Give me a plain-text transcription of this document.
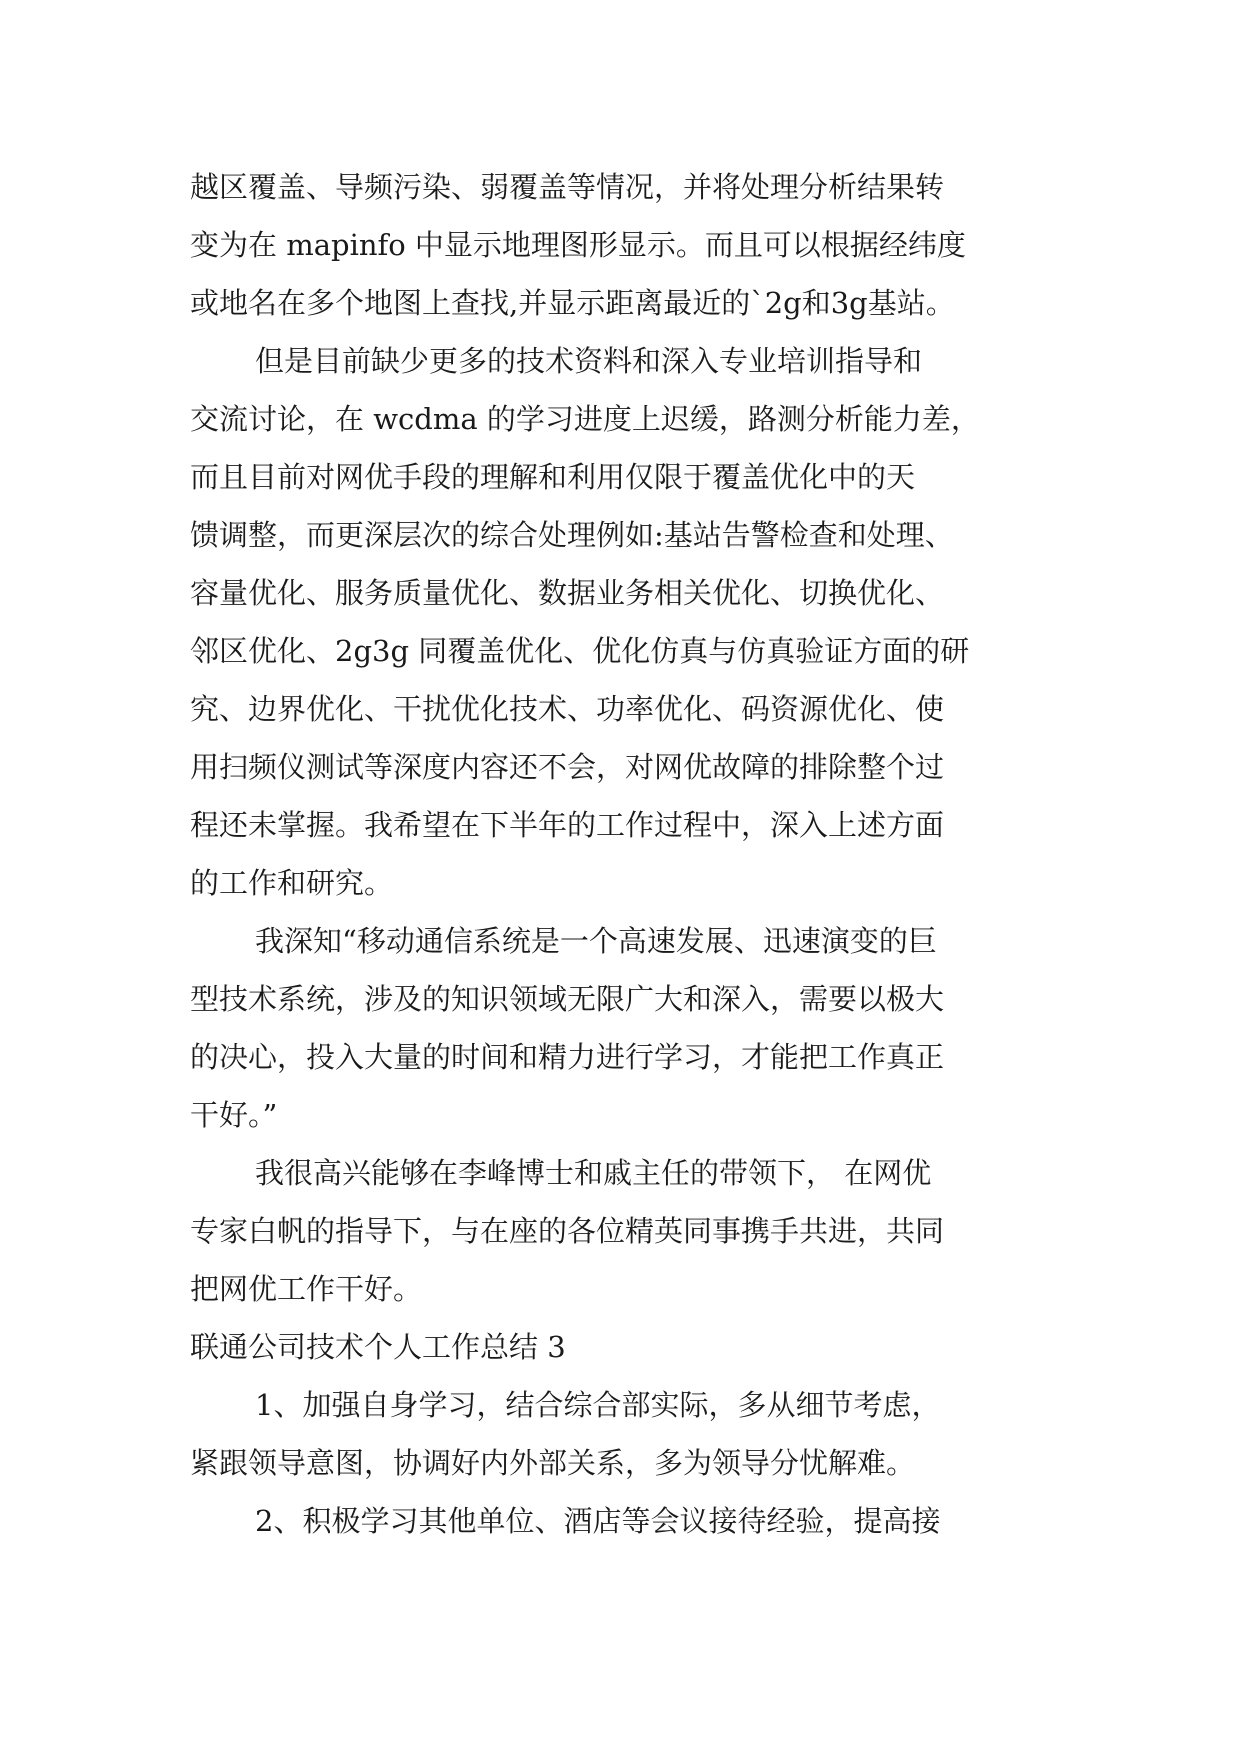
越区覆盖、导频污染、弱覆盖等情况，并将处理分析结果转
变为在 mapinfo 中显示地理图形显示。而且可以根据经纬度
或地名在多个地图上查找,并显示距离最近的`2g和3g基站。
但是目前缺少更多的技术资料和深入专业培训指导和
交流讨论，在 wcdma 的学习进度上迟缓，路测分析能力差，
而且目前对网优手段的理解和利用仅限于覆盖优化中的天
馈调整，而更深层次的综合处理例如:基站告警检查和处理、
容量优化、服务质量优化、数据业务相关优化、切换优化、
邻区优化、2g3g 同覆盖优化、优化仿真与仿真验证方面的研
究、边界优化、干扰优化技术、功率优化、码资源优化、使
用扫频仪测试等深度内容还不会，对网优故障的排除整个过
程还未掌握。我希望在下半年的工作过程中，深入上述方面
的工作和研究。
我深知“移动通信系统是一个高速发展、迅速演变的巨
型技术系统，涉及的知识领域无限广大和深入，需要以极大
的决心，投入大量的时间和精力进行学习，才能把工作真正
干好。”
我很高兴能够在李峰博士和戚主任的带领下， 在网优
专家白帆的指导下，与在座的各位精英同事携手共进，共同
把网优工作干好。
联通公司技术个人工作总结 3
1、加强自身学习，结合综合部实际，多从细节考虑，
紧跟领导意图，协调好内外部关系，多为领导分忧解难。
2、积极学习其他单位、酒店等会议接待经验，提高接
